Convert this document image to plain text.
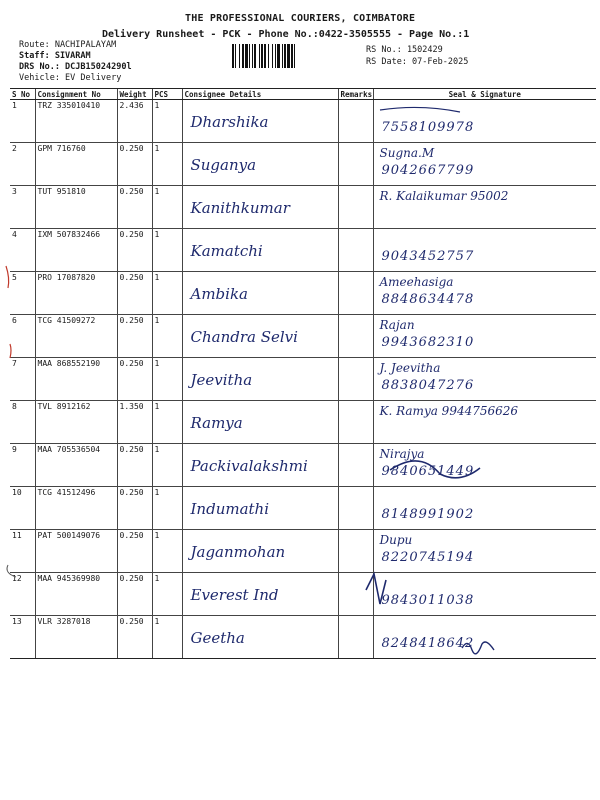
THE PROFESSIONAL COURIERS, COIMBATORE
Delivery Runsheet - PCK - Phone No.:0422-3505555 - Page No.:1
Route: NACHIPALAYAM
Staff: SIVARAM
DRS No.: DCJB15024290l
Vehicle: EV Delivery
RS No.: 1502429
RS Date: 07-Feb-2025
S No	Consignment No	Weight	PCS	Consignee Details	Remarks	Seal & Signature
1	TRZ 335010410	2.436	1	Dharshika		7558109978

2	GPM 716760	0.250	1	Suganya		Sugna.M
9042667799

3	TUT 951810	0.250	1	Kanithkumar		R. Kalaikumar 95002

4	IXM 507832466	0.250	1	Kamatchi		9043452757

5	PRO 17087820	0.250	1	Ambika		Ameehasiga
8848634478

6	TCG 41509272	0.250	1	Chandra Selvi		Rajan
9943682310

7	MAA 868552190	0.250	1	Jeevitha		J. Jeevitha
8838047276

8	TVL 8912162	1.350	1	Ramya		K. Ramya 9944756626

9	MAA 705536504	0.250	1	Packivalakshmi		Nirajya
9840651449

10	TCG 41512496	0.250	1	Indumathi		8148991902

11	PAT 500149076	0.250	1	Jaganmohan		Dupu
8220745194

12	MAA 945369980	0.250	1	Everest Ind		9843011038

13	VLR 3287018	0.250	1	Geetha		8248418642
